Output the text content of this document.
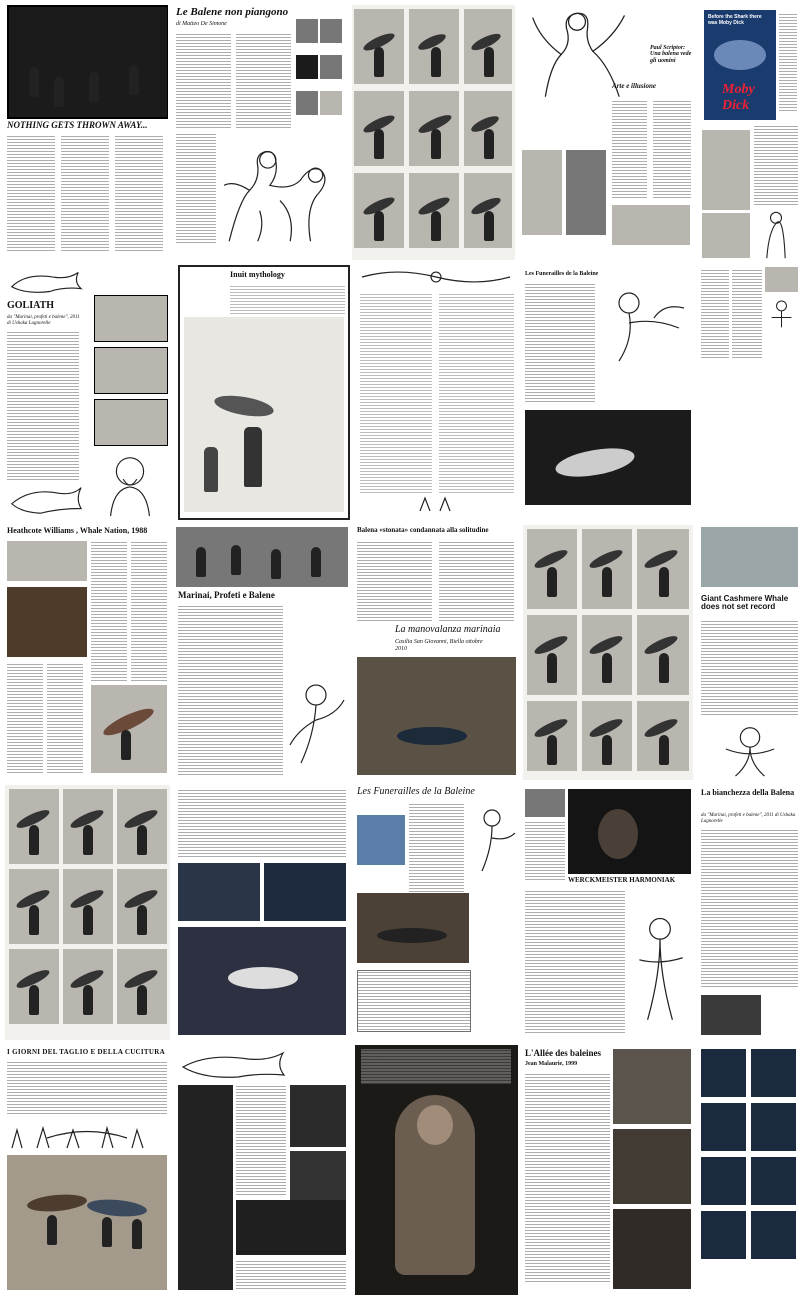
NOTHING GETS THROWN AWAY...
Le Balene non piangono
di Matteo De Simone
Arte e illusione
Paul Scriptor: Una balena vede gli uomini
Before the Shark there was Moby Dick
Moby Dick
GOLIATH
da "Marinai, profeti e balene", 2011 di Ushaka Lagnorelle
Inuit mythology	Les Funerailles de la Baleine
Heathcote Williams , Whale Nation, 1988
Marinai, Profeti e Balene
Balena «stonata» condannata alla solitudine
La manovalanza marinaia
Casilia San Giovanni, Biella ottobre 2010
Giant Cashmere Whale does not set record
Les Funerailles de la Baleine
WERCKMEISTER HARMONIAK
La bianchezza della Balena
da "Marinai, profeti e balene", 2011 di Ushaka Lagnorelle
I GIORNI DEL TAGLIO E DELLA CUCITURA	L'Allée des baleines
Jean Malaurie, 1999
